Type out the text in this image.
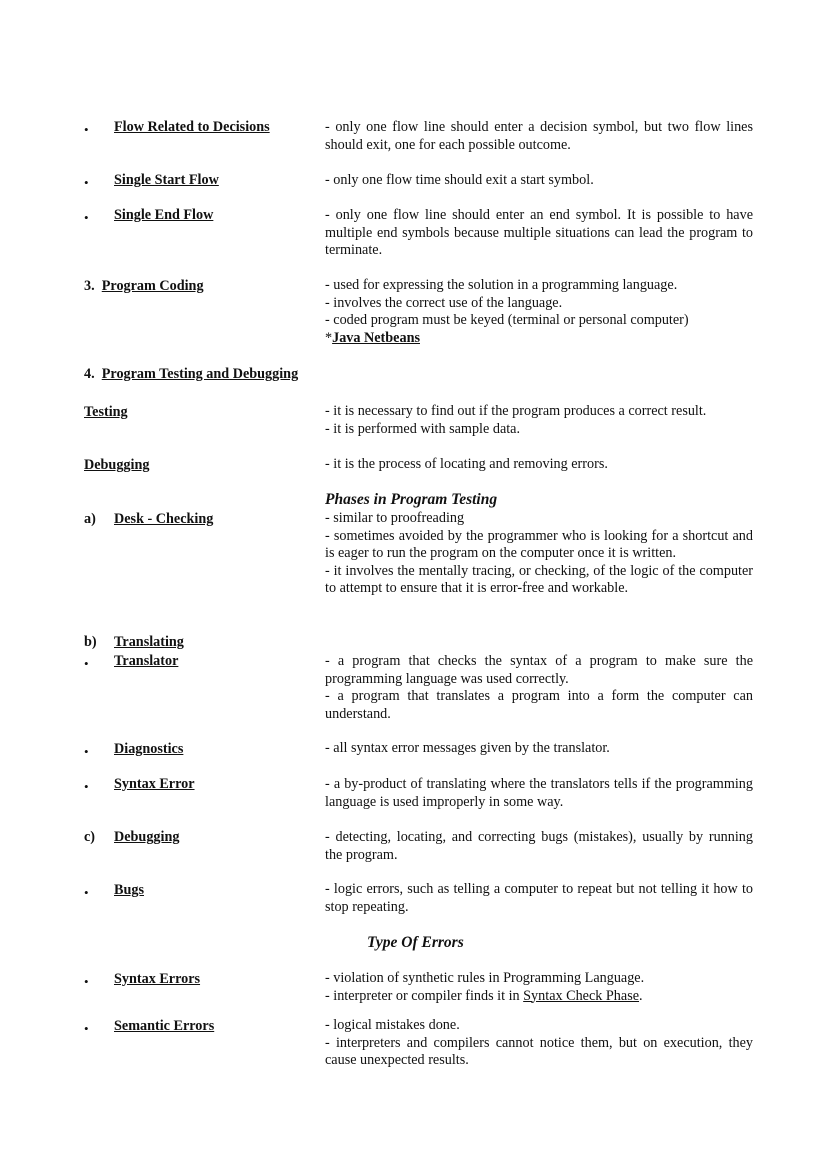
• Flow Related to Decisions	- only one flow line should enter a decision symbol, but two flow lines should exit, one for each possible outcome.
• Single Start Flow	- only one flow time should exit a start symbol.
• Single End Flow	- only one flow line should enter an end symbol. It is possible to have multiple end symbols because multiple situations can lead the program to terminate.
3. Program Coding	- used for expressing the solution in a programming language.
- involves the correct use of the language.
- coded program must be keyed (terminal or personal computer)
*Java Netbeans
4. Program Testing and Debugging
Testing	- it is necessary to find out if the program produces a correct result.
- it is performed with sample data.
Debugging	- it is the process of locating and removing errors.
Phases in Program Testing
a) Desk - Checking	- similar to proofreading
- sometimes avoided by the programmer who is looking for a shortcut and is eager to run the program on the computer once it is written.
- it involves the mentally tracing, or checking, of the logic of the computer to attempt to ensure that it is error-free and workable.
b) Translating
• Translator	- a program that checks the syntax of a program to make sure the programming language was used correctly.
- a program that translates a program into a form the computer can understand.
• Diagnostics	- all syntax error messages given by the translator.
• Syntax Error	- a by-product of translating where the translators tells if the programming language is used improperly in some way.
c) Debugging	- detecting, locating, and correcting bugs (mistakes), usually by running the program.
• Bugs	- logic errors, such as telling a computer to repeat but not telling it how to stop repeating.
Type Of Errors
• Syntax Errors	- violation of synthetic rules in Programming Language.
- interpreter or compiler finds it in Syntax Check Phase.
• Semantic Errors	- logical mistakes done.
- interpreters and compilers cannot notice them, but on execution, they cause unexpected results.
